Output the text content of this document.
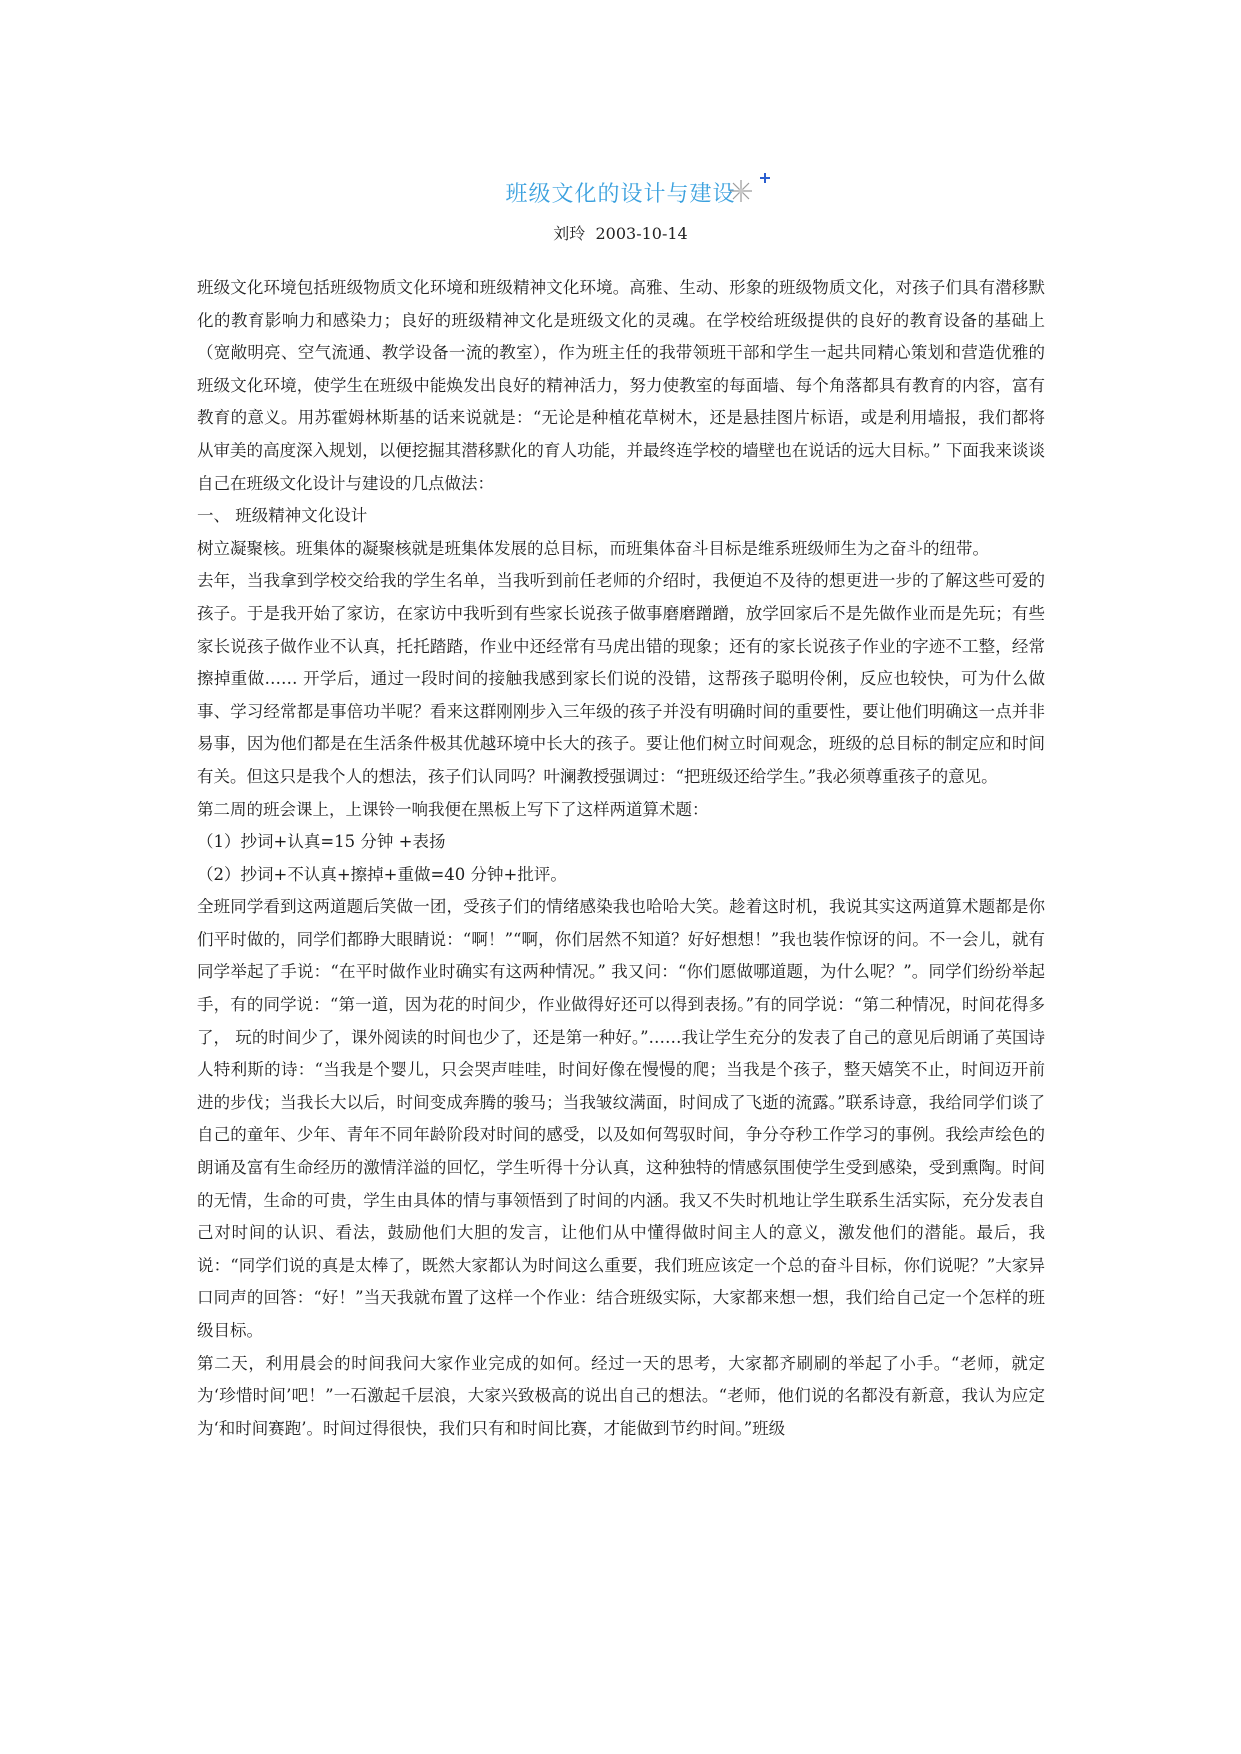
班级文化的设计与建设
刘玲 2003-10-14

班级文化环境包括班级物质文化环境和班级精神文化环境。高雅、生动、形象的班级物质文化，对孩子们具有潜移默化的教育影响力和感染力；良好的班级精神文化是班级文化的灵魂。在学校给班级提供的良好的教育设备的基础上（宽敞明亮、空气流通、教学设备一流的教室），作为班主任的我带领班干部和学生一起共同精心策划和营造优雅的班级文化环境，使学生在班级中能焕发出良好的精神活力，努力使教室的每面墙、每个角落都具有教育的内容，富有教育的意义。用苏霍姆林斯基的话来说就是：“无论是种植花草树木，还是悬挂图片标语，或是利用墙报，我们都将从审美的高度深入规划，以便挖掘其潜移默化的育人功能，并最终连学校的墙壁也在说话的远大目标。” 下面我来谈谈自己在班级文化设计与建设的几点做法：

一、 班级精神文化设计

树立凝聚核。班集体的凝聚核就是班集体发展的总目标，而班集体奋斗目标是维系班级师生为之奋斗的纽带。

去年，当我拿到学校交给我的学生名单，当我听到前任老师的介绍时，我便迫不及待的想更进一步的了解这些可爱的孩子。于是我开始了家访，在家访中我听到有些家长说孩子做事磨磨蹭蹭，放学回家后不是先做作业而是先玩；有些家长说孩子做作业不认真，托托踏踏，作业中还经常有马虎出错的现象；还有的家长说孩子作业的字迹不工整，经常擦掉重做…… 开学后，通过一段时间的接触我感到家长们说的没错，这帮孩子聪明伶俐，反应也较快，可为什么做事、学习经常都是事倍功半呢？看来这群刚刚步入三年级的孩子并没有明确时间的重要性，要让他们明确这一点并非易事，因为他们都是在生活条件极其优越环境中长大的孩子。要让他们树立时间观念，班级的总目标的制定应和时间有关。但这只是我个人的想法，孩子们认同吗？叶澜教授强调过：“把班级还给学生。”我必须尊重孩子的意见。

第二周的班会课上，上课铃一响我便在黑板上写下了这样两道算术题：

（1）抄词+认真=15 分钟 +表扬

（2）抄词+不认真+擦掉+重做=40 分钟+批评。

全班同学看到这两道题后笑做一团，受孩子们的情绪感染我也哈哈大笑。趁着这时机，我说其实这两道算术题都是你们平时做的，同学们都睁大眼睛说：“啊！”“啊，你们居然不知道？好好想想！”我也装作惊讶的问。不一会儿，就有同学举起了手说：“在平时做作业时确实有这两种情况。” 我又问：“你们愿做哪道题，为什么呢？”。同学们纷纷举起手，有的同学说：“第一道，因为花的时间少，作业做得好还可以得到表扬。”有的同学说：“第二种情况，时间花得多了， 玩的时间少了，课外阅读的时间也少了，还是第一种好。”……我让学生充分的发表了自己的意见后朗诵了英国诗人特利斯的诗：“当我是个婴儿，只会哭声哇哇，时间好像在慢慢的爬；当我是个孩子，整天嬉笑不止，时间迈开前进的步伐；当我长大以后，时间变成奔腾的骏马；当我皱纹满面，时间成了飞逝的流露。”联系诗意，我给同学们谈了自己的童年、少年、青年不同年龄阶段对时间的感受，以及如何驾驭时间，争分夺秒工作学习的事例。我绘声绘色的朗诵及富有生命经历的激情洋溢的回忆，学生听得十分认真，这种独特的情感氛围使学生受到感染，受到熏陶。时间的无情，生命的可贵，学生由具体的情与事领悟到了时间的内涵。我又不失时机地让学生联系生活实际，充分发表自己对时间的认识、看法，鼓励他们大胆的发言，让他们从中懂得做时间主人的意义，激发他们的潜能。最后，我说：“同学们说的真是太棒了，既然大家都认为时间这么重要，我们班应该定一个总的奋斗目标，你们说呢？”大家异口同声的回答：“好！”当天我就布置了这样一个作业：结合班级实际，大家都来想一想，我们给自己定一个怎样的班级目标。

第二天，利用晨会的时间我问大家作业完成的如何。经过一天的思考，大家都齐刷刷的举起了小手。“老师，就定为‘珍惜时间’吧！”一石激起千层浪，大家兴致极高的说出自己的想法。“老师，他们说的名都没有新意，我认为应定为‘和时间赛跑’。时间过得很快，我们只有和时间比赛，才能做到节约时间。”班级
